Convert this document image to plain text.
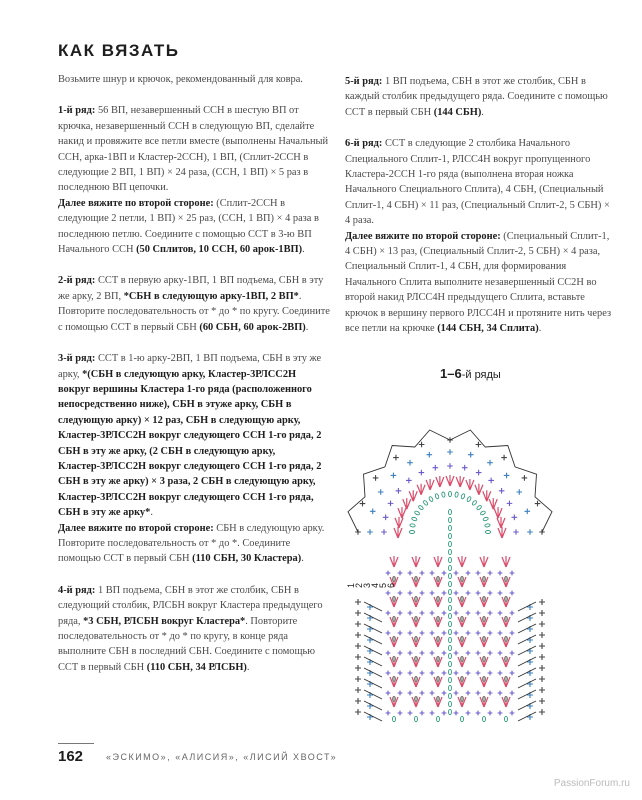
КАК ВЯЗАТЬ

Возьмите шнур и крючок, рекомендованный для ковра.

1-й ряд: 56 ВП, незавершенный ССН в шестую ВП от крючка, незавершенный ССН в следующую ВП, сделайте накид и провяжите все петли вместе (выполнены Начальный ССН, арка-1ВП и Кластер-2ССН), 1 ВП, (Сплит-2ССН в следующие 2 ВП, 1 ВП) × 24 раза, (ССН, 1 ВП) × 5 раз в последнюю ВП цепочки.
Далее вяжите по второй стороне: (Сплит-2ССН в следующие 2 петли, 1 ВП) × 25 раз, (ССН, 1 ВП) × 4 раза в последнюю петлю. Соедините с помощью ССТ в 3-ю ВП Начального ССН (50 Сплитов, 10 ССН, 60 арок-1ВП).

2-й ряд: ССТ в первую арку-1ВП, 1 ВП подъема, СБН в эту же арку, 2 ВП, *СБН в следующую арку-1ВП, 2 ВП*. Повторите последовательность от * до * по кругу. Соедините с помощью ССТ в первый СБН (60 СБН, 60 арок-2ВП).

3-й ряд: ССТ в 1-ю арку-2ВП, 1 ВП подъема, СБН в эту же арку, *(СБН в следующую арку, Кластер-3РЛСС2Н вокруг вершины Кластера 1-го ряда (расположенного непосредственно ниже), СБН в этуже арку, СБН в следующую арку) × 12 раз, СБН в следующую арку, Кластер-3РЛСС2Н вокруг следующего ССН 1-го ряда, 2 СБН в эту же арку, (2 СБН в следующую арку, Кластер-3РЛСС2Н вокруг следующего ССН 1-го ряда, 2 СБН в эту же арку) × 3 раза, 2 СБН в следующую арку, Кластер-3РЛСС2Н вокруг следующего ССН 1-го ряда, СБН в эту же арку*.
Далее вяжите по второй стороне: СБН в следующую арку. Повторите последовательность от * до *. Соедините помощью ССТ в первый СБН (110 СБН, 30 Кластера).

4-й ряд: 1 ВП подъема, СБН в этот же столбик, СБН в следующий столбик, РЛСБН вокруг Кластера предыдущего ряда, *3 СБН, РЛСБН вокруг Кластера*. Повторите последовательность от * до * по кругу, в конце ряда выполните СБН в последний СБН. Соедините с помощью ССТ в первый СБН (110 СБН, 34 РЛСБН).

5-й ряд: 1 ВП подъема, СБН в этот же столбик, СБН в каждый столбик предыдущего ряда. Соедините с помощью ССТ в первый СБН (144 СБН).

6-й ряд: ССТ в следующие 2 столбика Начального Специального Сплит-1, РЛСС4Н вокруг пропущенного Кластера-2ССН 1-го ряда (выполнена вторая ножка Начального Специального Сплита), 4 СБН, (Специальный Сплит-1, 4 СБН) × 11 раз, (Специальный Сплит-2, 5 СБН) × 4 раза.
Далее вяжите по второй стороне: (Специальный Сплит-1, 4 СБН) × 13 раз, (Специальный Сплит-2, 5 СБН) × 4 раза, Специальный Сплит-1, 4 СБН, для формирования Начального Сплита выполните незавершенный СС2Н во второй накид РЛСС4Н предыдущего Сплита, вставьте крючок в вершину первого РЛСС4Н и протяните нить через все петли на крючке (144 СБН, 34 Сплита).

1–6-й ряды
1
2
3
4
5
6
162	«ЭСКИМО», «АЛИСИЯ», «ЛИСИЙ ХВОСТ»
PassionForum.ru
